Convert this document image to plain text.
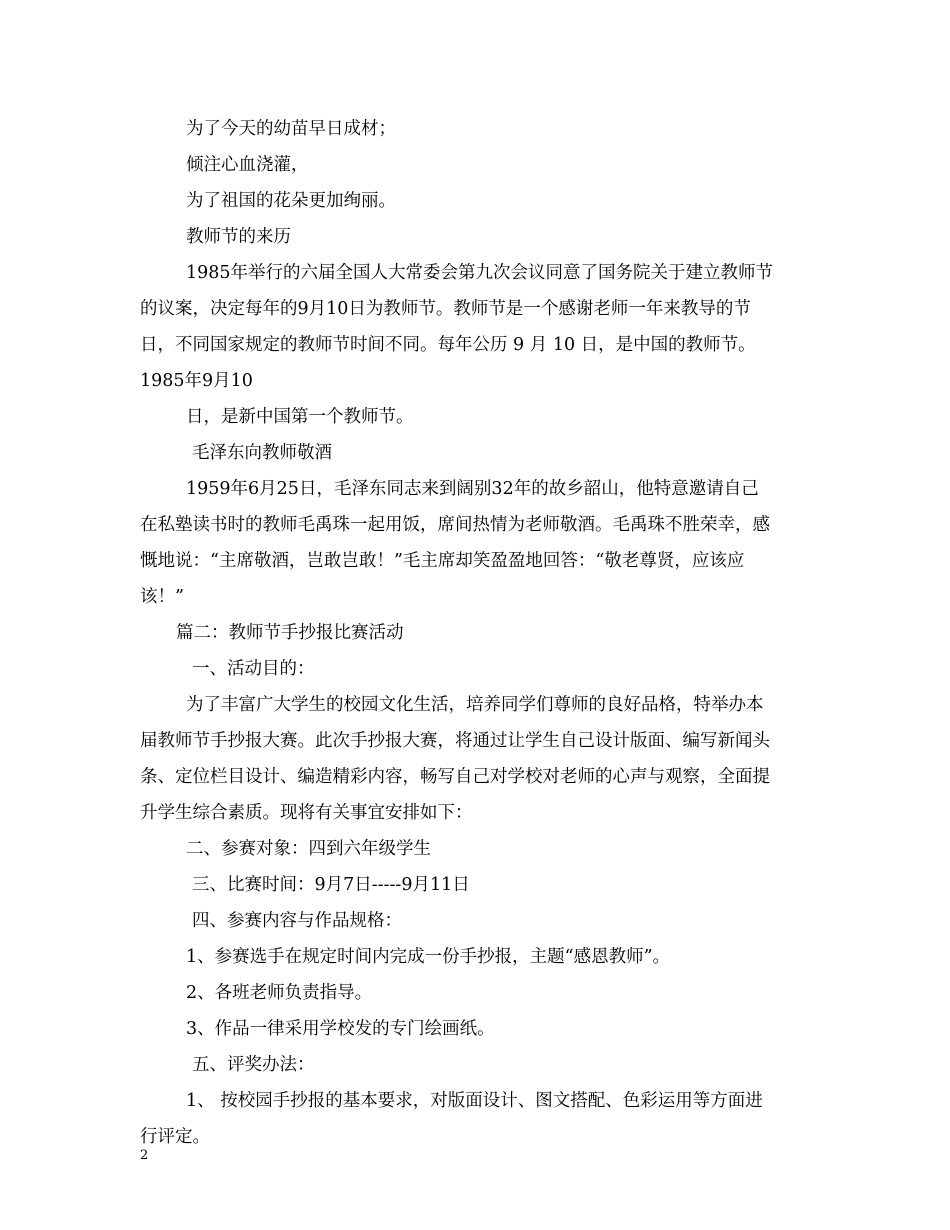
为了今天的幼苗早日成材；
倾注心血浇灌，
为了祖国的花朵更加绚丽。
教师节的来历
1985年举行的六届全国人大常委会第九次会议同意了国务院关于建立教师节
的议案，决定每年的9月10日为教师节。教师节是一个感谢老师一年来教导的节
日，不同国家规定的教师节时间不同。每年公历 9 月 10 日，是中国的教师节。
1985年9月10
日，是新中国第一个教师节。
毛泽东向教师敬酒
1959年6月25日，毛泽东同志来到阔别32年的故乡韶山，他特意邀请自己
在私塾读书时的教师毛禹珠一起用饭，席间热情为老师敬酒。毛禹珠不胜荣幸，感
慨地说：“主席敬酒，岂敢岂敢！”毛主席却笑盈盈地回答：“敬老尊贤，应该应
该！”
篇二：教师节手抄报比赛活动
一、活动目的：
为了丰富广大学生的校园文化生活，培养同学们尊师的良好品格，特举办本
届教师节手抄报大赛。此次手抄报大赛，将通过让学生自己设计版面、编写新闻头
条、定位栏目设计、编造精彩内容，畅写自己对学校对老师的心声与观察，全面提
升学生综合素质。现将有关事宜安排如下：
二、参赛对象：四到六年级学生
三、比赛时间：9月7日-----9月11日
四、参赛内容与作品规格：
1、参赛选手在规定时间内完成一份手抄报，主题“感恩教师”。
2、各班老师负责指导。
3、作品一律采用学校发的专门绘画纸。
五、评奖办法：
1、 按校园手抄报的基本要求，对版面设计、图文搭配、色彩运用等方面进
行评定。
2
